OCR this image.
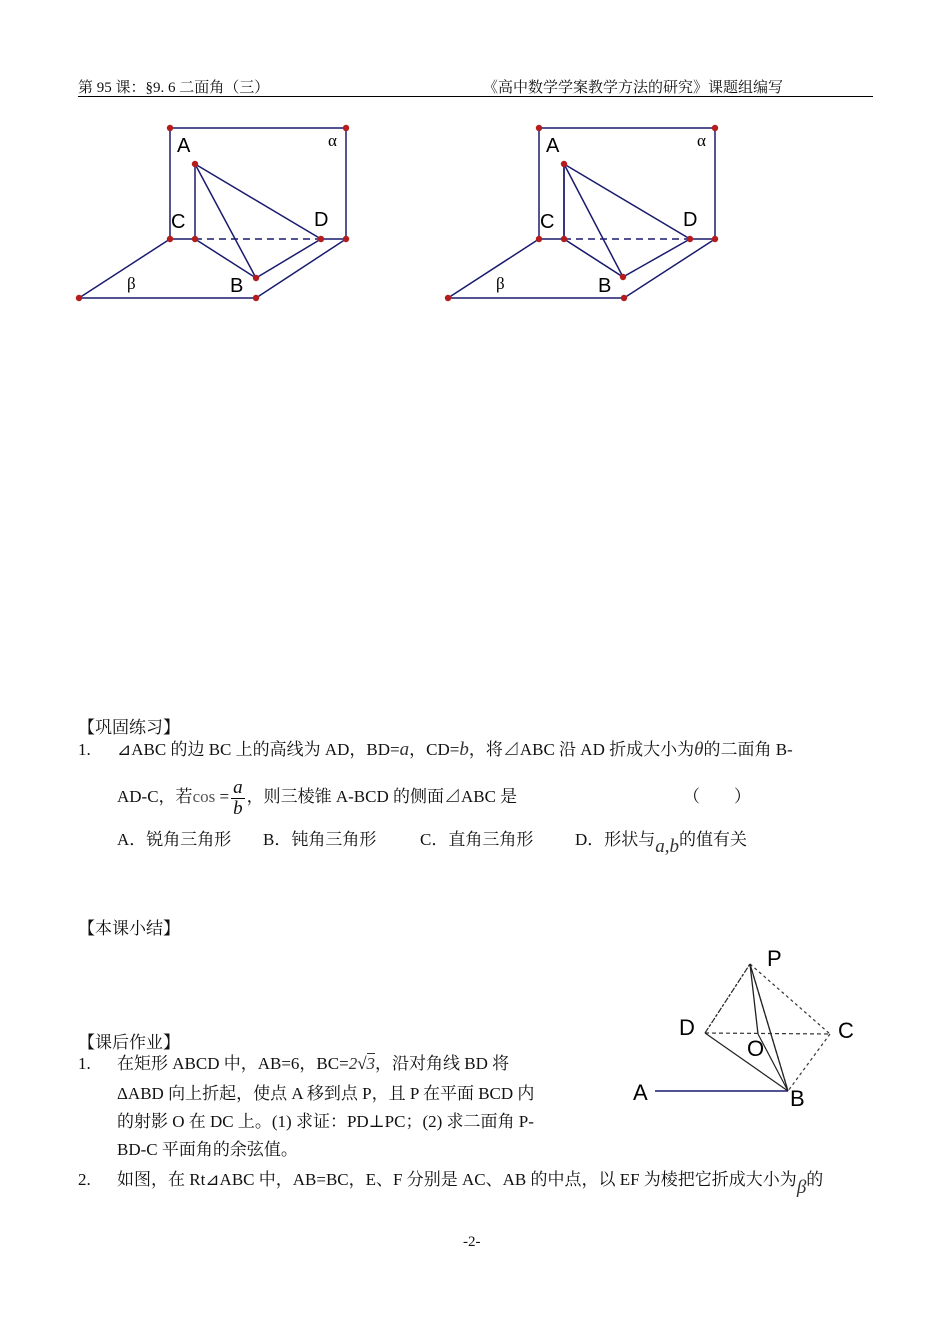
第 95 课：§9. 6 二面角（三）	《高中数学学案教学方法的研究》课题组编写
A
C	D
B
α
β
A
C	D
B
α
β
【巩固练习】
1. ⊿ABC 的边 BC 上的高线为 AD，BD=a，CD=b，将⊿ABC 沿 AD 折成大小为θ的二面角 B-
AD-C，若$\cos = \frac{a}{b}$ ，则三棱锥 A-BCD 的侧面⊿ABC 是	（　　）
A．锐角三角形 B．钝角三角形	C．直角三角形 D．形状与a,b的值有关
【本课小结】
【课后作业】
1. 在矩形 ABCD 中，AB=6，BC=2√3，沿对角线 BD 将
ΔABD 向上折起，使点 A 移到点 P，且 P 在平面 BCD 内
的射影 O 在 DC 上。(1) 求证：PD⊥PC；(2) 求二面角 P-
BD-C 平面角的余弦值。
2. 如图，在 Rt⊿ABC 中，AB=BC，E、F 分别是 AC、AB 的中点，以 EF 为棱把它折成大小为β的
P
D	C
O
A	B
-2-
